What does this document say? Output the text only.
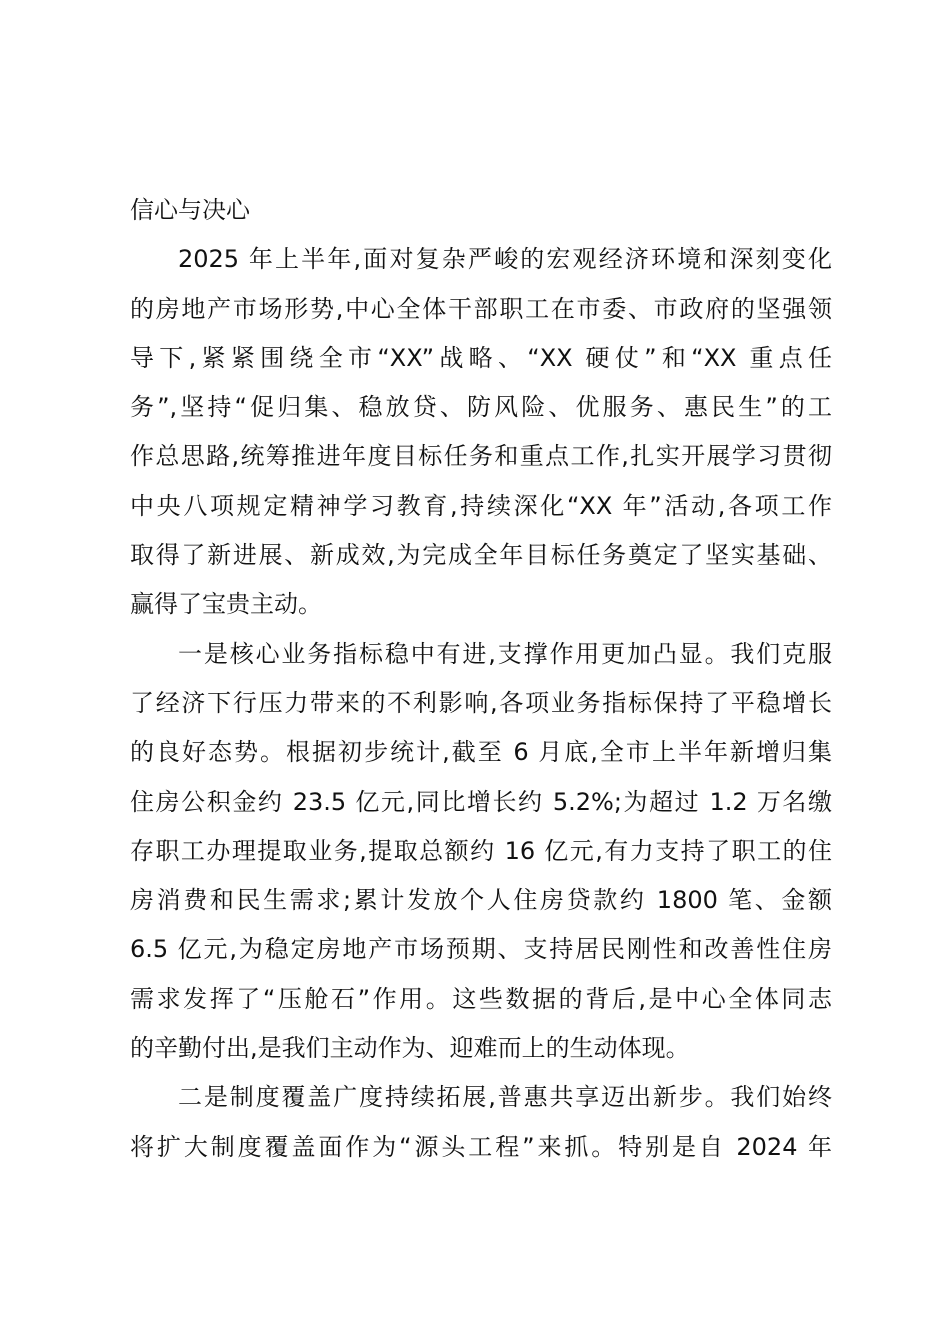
信心与决心
2025 年上半年,面对复杂严峻的宏观经济环境和深刻变化
的房地产市场形势,中心全体干部职工在市委、市政府的坚强领
导下,紧紧围绕全市“XX”战略、“XX 硬仗”和“XX 重点任
务”,坚持“促归集、稳放贷、防风险、优服务、惠民生”的工
作总思路,统筹推进年度目标任务和重点工作,扎实开展学习贯彻
中央八项规定精神学习教育,持续深化“XX 年”活动,各项工作
取得了新进展、新成效,为完成全年目标任务奠定了坚实基础、
赢得了宝贵主动。
一是核心业务指标稳中有进,支撑作用更加凸显。我们克服
了经济下行压力带来的不利影响,各项业务指标保持了平稳增长
的良好态势。根据初步统计,截至 6 月底,全市上半年新增归集
住房公积金约 23.5 亿元,同比增长约 5.2%;为超过 1.2 万名缴
存职工办理提取业务,提取总额约 16 亿元,有力支持了职工的住
房消费和民生需求;累计发放个人住房贷款约 1800 笔、金额
6.5 亿元,为稳定房地产市场预期、支持居民刚性和改善性住房
需求发挥了“压舱石”作用。这些数据的背后,是中心全体同志
的辛勤付出,是我们主动作为、迎难而上的生动体现。
二是制度覆盖广度持续拓展,普惠共享迈出新步。我们始终
将扩大制度覆盖面作为“源头工程”来抓。特别是自 2024 年
